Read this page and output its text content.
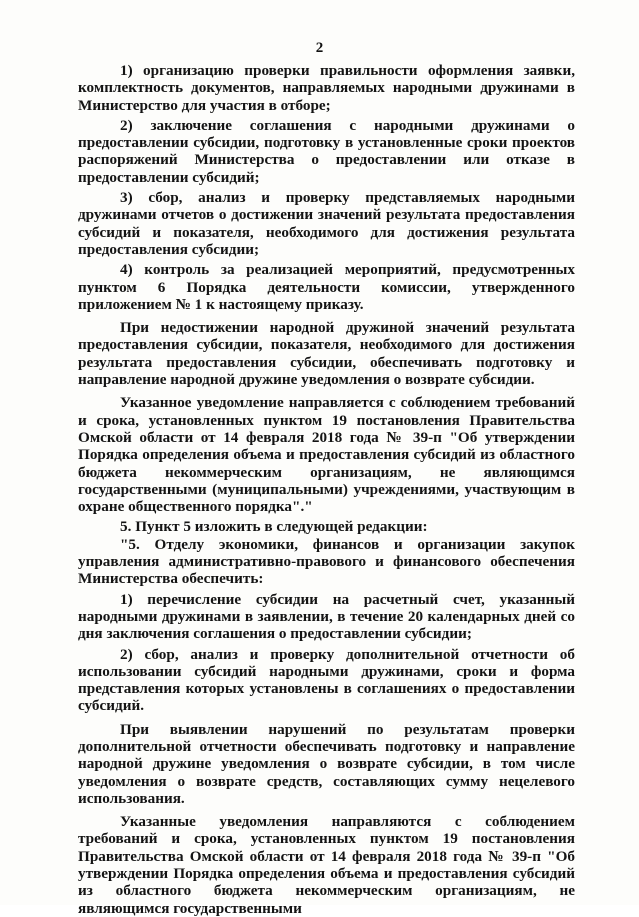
2

1) организацию проверки правильности оформления заявки, комплектность документов, направляемых народными дружинами в Министерство для участия в отборе;

2) заключение соглашения с народными дружинами о предоставлении субсидии, подготовку в установленные сроки проектов распоряжений Министерства о предоставлении или отказе в предоставлении субсидий;

3) сбор, анализ и проверку представляемых народными дружинами отчетов о достижении значений результата предоставления субсидий и показателя, необходимого для достижения результата предоставления субсидии;

4) контроль за реализацией мероприятий, предусмотренных пунктом 6 Порядка деятельности комиссии, утвержденного приложением № 1 к настоящему приказу.

При недостижении народной дружиной значений результата предоставления субсидии, показателя, необходимого для достижения результата предоставления субсидии, обеспечивать подготовку и направление народной дружине уведомления о возврате субсидии.

Указанное уведомление направляется с соблюдением требований и срока, установленных пунктом 19 постановления Правительства Омской области от 14 февраля 2018 года № 39-п "Об утверждении Порядка определения объема и предоставления субсидий из областного бюджета некоммерческим организациям, не являющимся государственными (муниципальными) учреждениями, участвующим в охране общественного порядка"."

5. Пункт 5 изложить в следующей редакции:

"5. Отделу экономики, финансов и организации закупок управления административно-правового и финансового обеспечения Министерства обеспечить:

1) перечисление субсидии на расчетный счет, указанный народными дружинами в заявлении, в течение 20 календарных дней со дня заключения соглашения о предоставлении субсидии;

2) сбор, анализ и проверку дополнительной отчетности об использовании субсидий народными дружинами, сроки и форма представления которых установлены в соглашениях о предоставлении субсидий.

При выявлении нарушений по результатам проверки дополнительной отчетности обеспечивать подготовку и направление народной дружине уведомления о возврате субсидии, в том числе уведомления о возврате средств, составляющих сумму нецелевого использования.

Указанные уведомления направляются с соблюдением требований и срока, установленных пунктом 19 постановления Правительства Омской области от 14 февраля 2018 года № 39-п "Об утверждении Порядка определения объема и предоставления субсидий из областного бюджета некоммерческим организациям, не являющимся государственными
